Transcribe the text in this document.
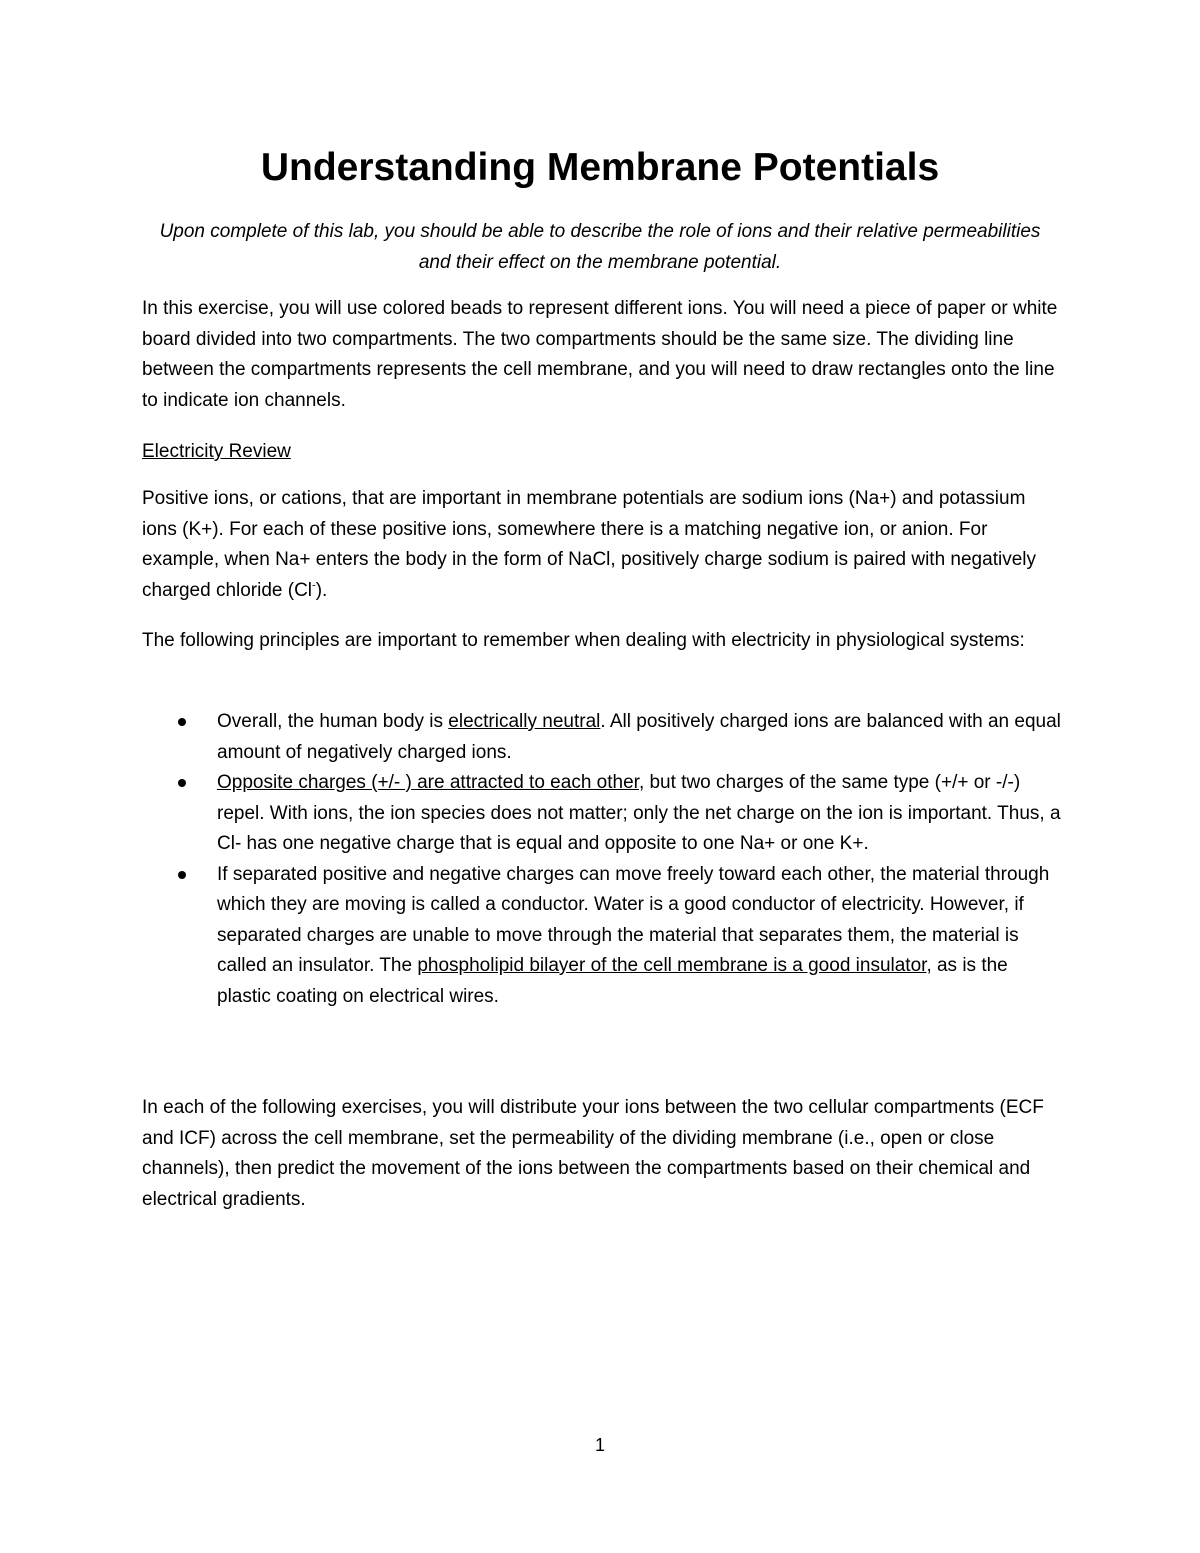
Understanding Membrane Potentials

Upon complete of this lab, you should be able to describe the role of ions and their relative permeabilities
and their effect on the membrane potential.

In this exercise, you will use colored beads to represent different ions. You will need a piece of paper or white board divided into two compartments. The two compartments should be the same size. The dividing line between the compartments represents the cell membrane, and you will need to draw rectangles onto the line to indicate ion channels.

Electricity Review

Positive ions, or cations, that are important in membrane potentials are sodium ions (Na+) and potassium ions (K+). For each of these positive ions, somewhere there is a matching negative ion, or anion. For example, when Na+ enters the body in the form of NaCl, positively charge sodium is paired with negatively charged chloride (Cl-).

The following principles are important to remember when dealing with electricity in physiological systems:

Overall, the human body is electrically neutral. All positively charged ions are balanced with an equal amount of negatively charged ions.
Opposite charges (+/- ) are attracted to each other, but two charges of the same type (+/+ or -/-) repel. With ions, the ion species does not matter; only the net charge on the ion is important. Thus, a Cl- has one negative charge that is equal and opposite to one Na+ or one K+.
If separated positive and negative charges can move freely toward each other, the material through which they are moving is called a conductor. Water is a good conductor of electricity. However, if separated charges are unable to move through the material that separates them, the material is called an insulator. The phospholipid bilayer of the cell membrane is a good insulator, as is the plastic coating on electrical wires.

In each of the following exercises, you will distribute your ions between the two cellular compartments (ECF and ICF) across the cell membrane, set the permeability of the dividing membrane (i.e., open or close channels), then predict the movement of the ions between the compartments based on their chemical and electrical gradients.

1
